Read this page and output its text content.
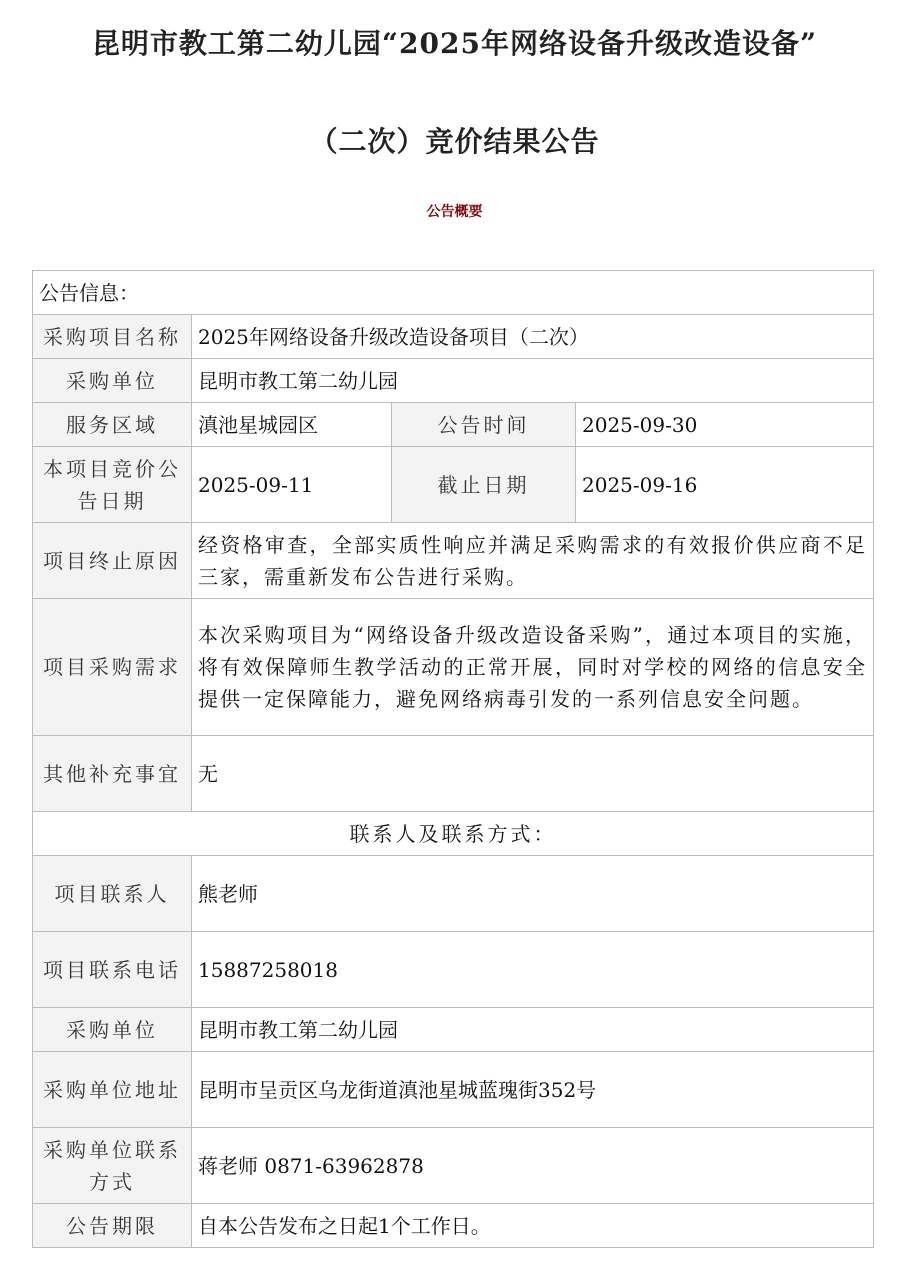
昆明市教工第二幼儿园“2025年网络设备升级改造设备”
（二次）竞价结果公告
公告概要
公告信息：			
采购项目名称	2025年网络设备升级改造设备项目（二次）		
采购单位	昆明市教工第二幼儿园		
服务区域	滇池星城园区	公告时间	2025-09-30
本项目竞价公告日期	2025-09-11	截止日期	2025-09-16
项目终止原因	经资格审查，全部实质性响应并满足采购需求的有效报价供应商不足三家，需重新发布公告进行采购。		
项目采购需求	本次采购项目为“网络设备升级改造设备采购”，通过本项目的实施，将有效保障师生教学活动的正常开展，同时对学校的网络的信息安全提供一定保障能力，避免网络病毒引发的一系列信息安全问题。		
其他补充事宜	无		
联系人及联系方式：			
项目联系人	熊老师		
项目联系电话	15887258018		
采购单位	昆明市教工第二幼儿园		
采购单位地址	昆明市呈贡区乌龙街道滇池星城蓝瑰街352号		
采购单位联系方式	蒋老师 0871-63962878		
公告期限	自本公告发布之日起1个工作日。		
